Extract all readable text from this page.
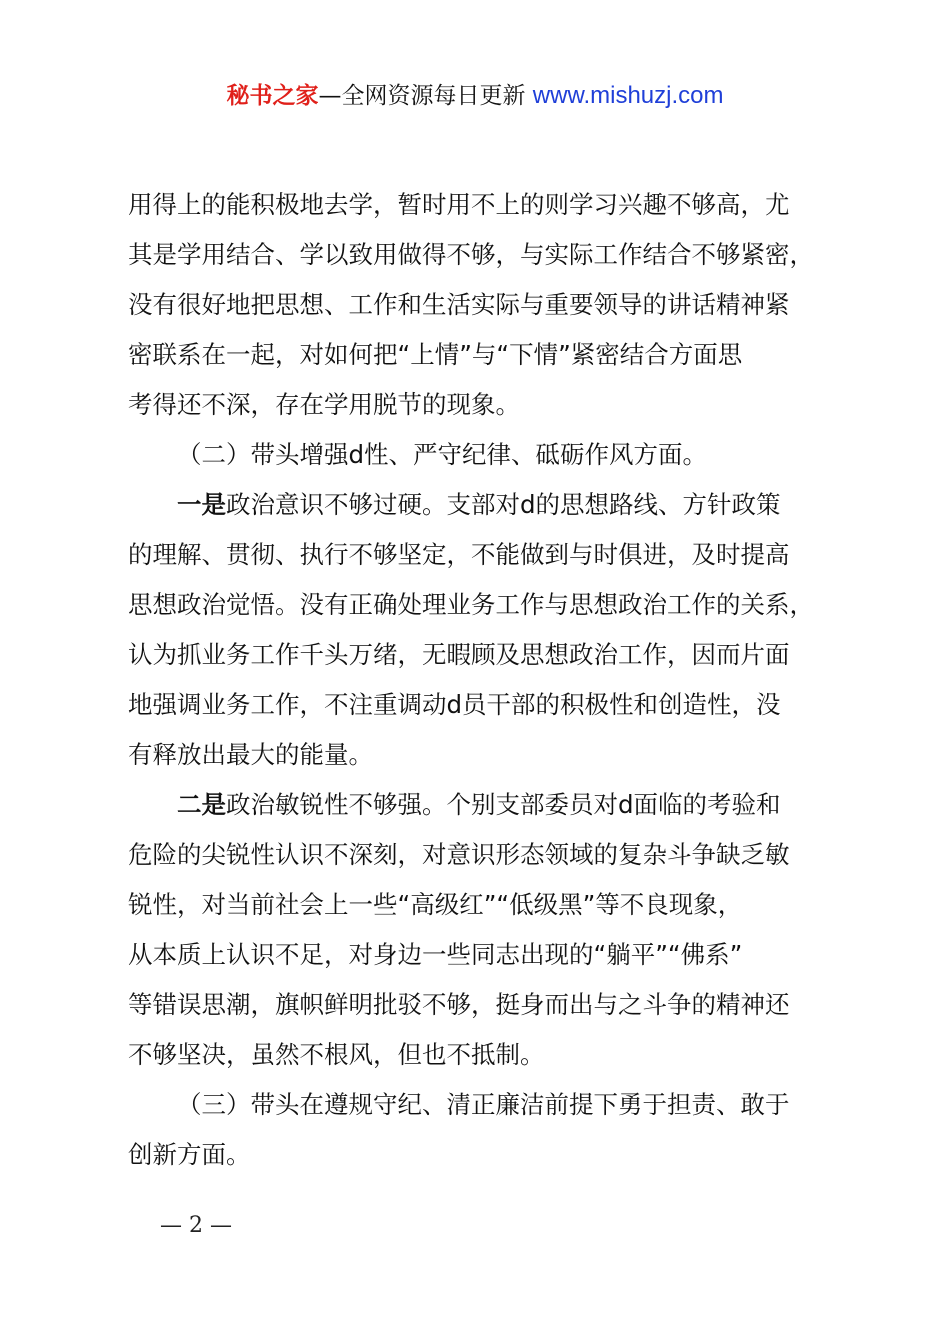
秘书之家—全网资源每日更新 www.mishuzj.com
用得上的能积极地去学，暂时用不上的则学习兴趣不够高，尤
其是学用结合、学以致用做得不够，与实际工作结合不够紧密，
没有很好地把思想、工作和生活实际与重要领导的讲话精神紧
密联系在一起，对如何把“上情”与“下情”紧密结合方面思
考得还不深，存在学用脱节的现象。
（二）带头增强d性、严守纪律、砥砺作风方面。
一是政治意识不够过硬。支部对d的思想路线、方针政策
的理解、贯彻、执行不够坚定，不能做到与时俱进，及时提高
思想政治觉悟。没有正确处理业务工作与思想政治工作的关系，
认为抓业务工作千头万绪，无暇顾及思想政治工作，因而片面
地强调业务工作，不注重调动d员干部的积极性和创造性，没
有释放出最大的能量。
二是政治敏锐性不够强。个别支部委员对d面临的考验和
危险的尖锐性认识不深刻，对意识形态领域的复杂斗争缺乏敏
锐性，对当前社会上一些“高级红”“低级黑”等不良现象，
从本质上认识不足，对身边一些同志出现的“躺平”“佛系”
等错误思潮，旗帜鲜明批驳不够，挺身而出与之斗争的精神还
不够坚决，虽然不根风，但也不抵制。
（三）带头在遵规守纪、清正廉洁前提下勇于担责、敢于
创新方面。
— 2 —
